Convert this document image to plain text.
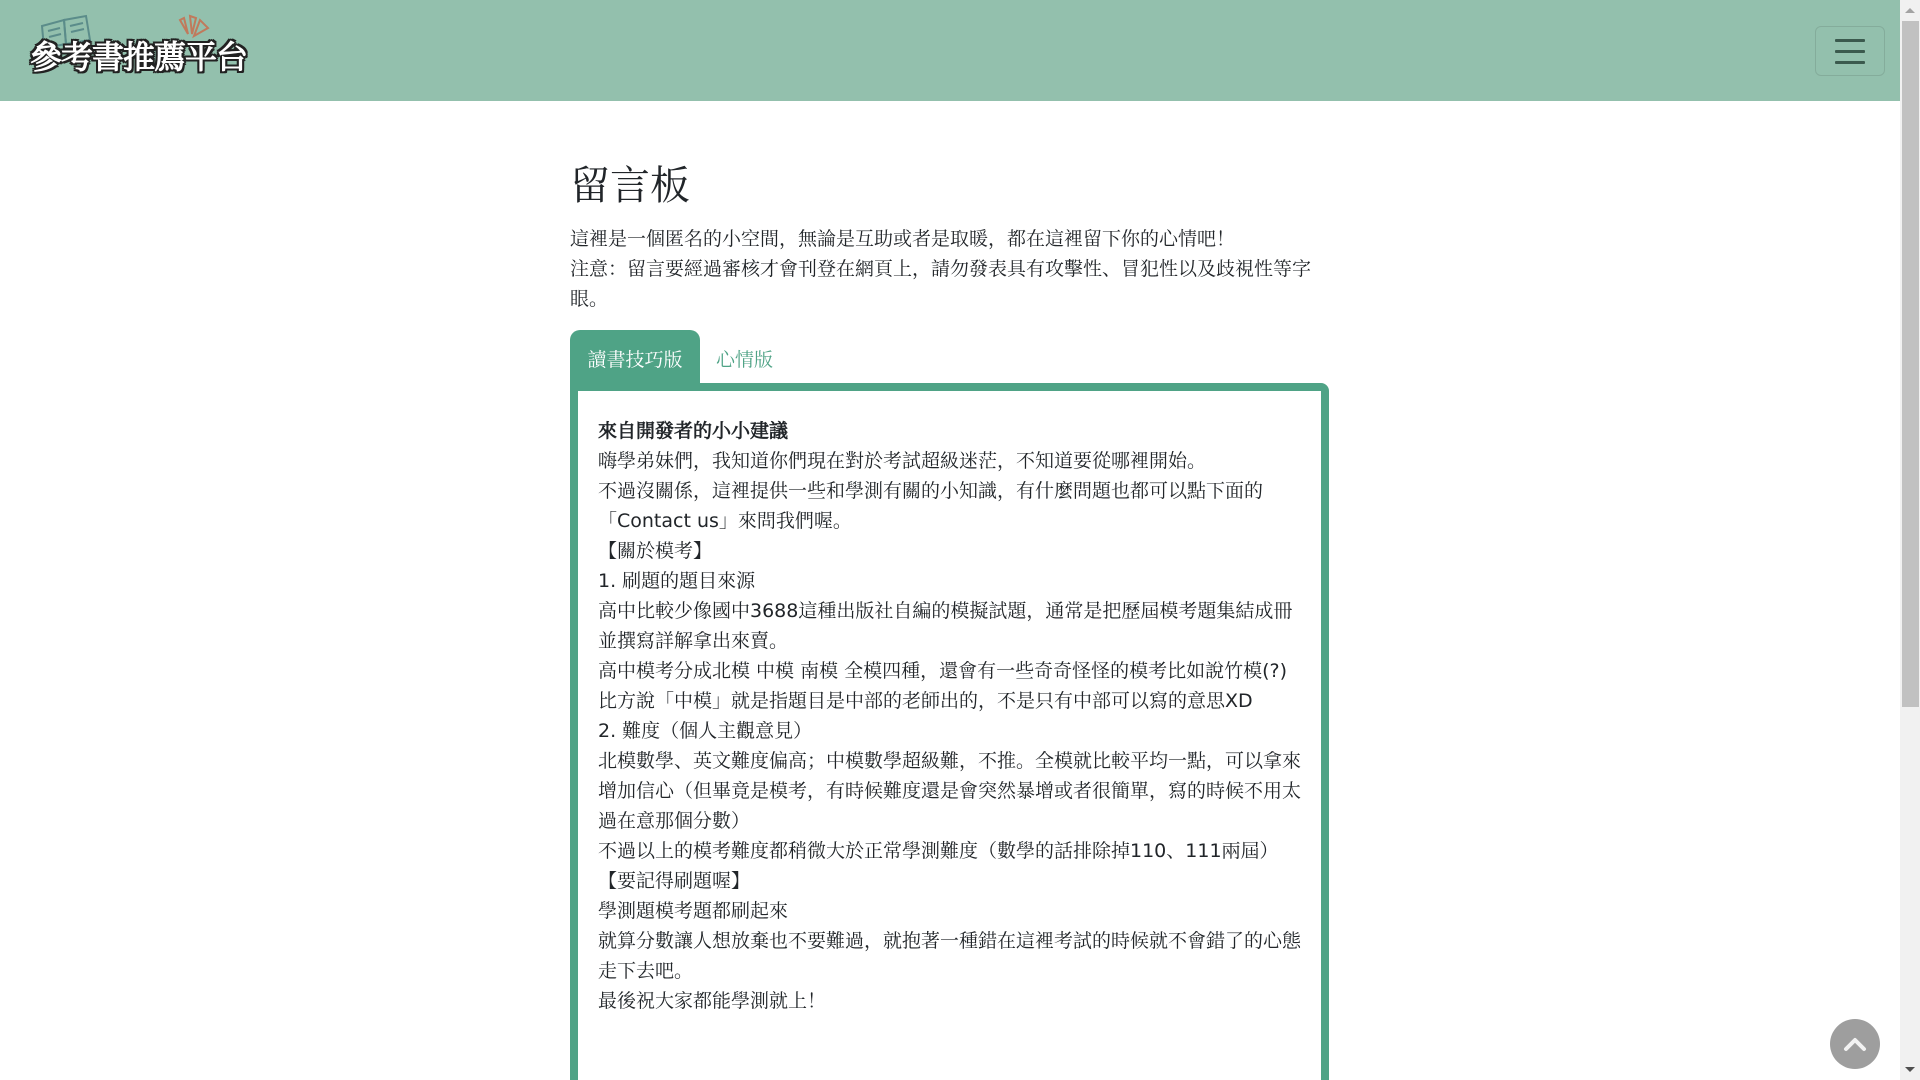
參考書推薦平台
留言板

這裡是一個匿名的小空間，無論是互助或者是取暖，都在這裡留下你的心情吧！

注意：留言要經過審核才會刊登在網頁上，請勿發表具有攻擊性、冒犯性以及歧視性等字眼。

讀書技巧版	心情版
來自開發者的小小建議

嗨學弟妹們，我知道你們現在對於考試超級迷茫，不知道要從哪裡開始。

不過沒關係，這裡提供一些和學測有關的小知識，有什麼問題也都可以點下面的「Contact us」來問我們喔。

【關於模考】

1. 刷題的題目來源

高中比較少像國中3688這種出版社自編的模擬試題，通常是把歷屆模考題集結成冊並撰寫詳解拿出來賣。

高中模考分成北模 中模 南模 全模四種，還會有一些奇奇怪怪的模考比如說竹模(?)

比方說「中模」就是指題目是中部的老師出的，不是只有中部可以寫的意思XD

2. 難度（個人主觀意見）

北模數學、英文難度偏高；中模數學超級難，不推。全模就比較平均一點，可以拿來增加信心（但畢竟是模考，有時候難度還是會突然暴增或者很簡單，寫的時候不用太過在意那個分數）

不過以上的模考難度都稍微大於正常學測難度（數學的話排除掉110、111兩屆）

【要記得刷題喔】

學測題模考題都刷起來

就算分數讓人想放棄也不要難過，就抱著一種錯在這裡考試的時候就不會錯了的心態走下去吧。

最後祝大家都能學測就上！
